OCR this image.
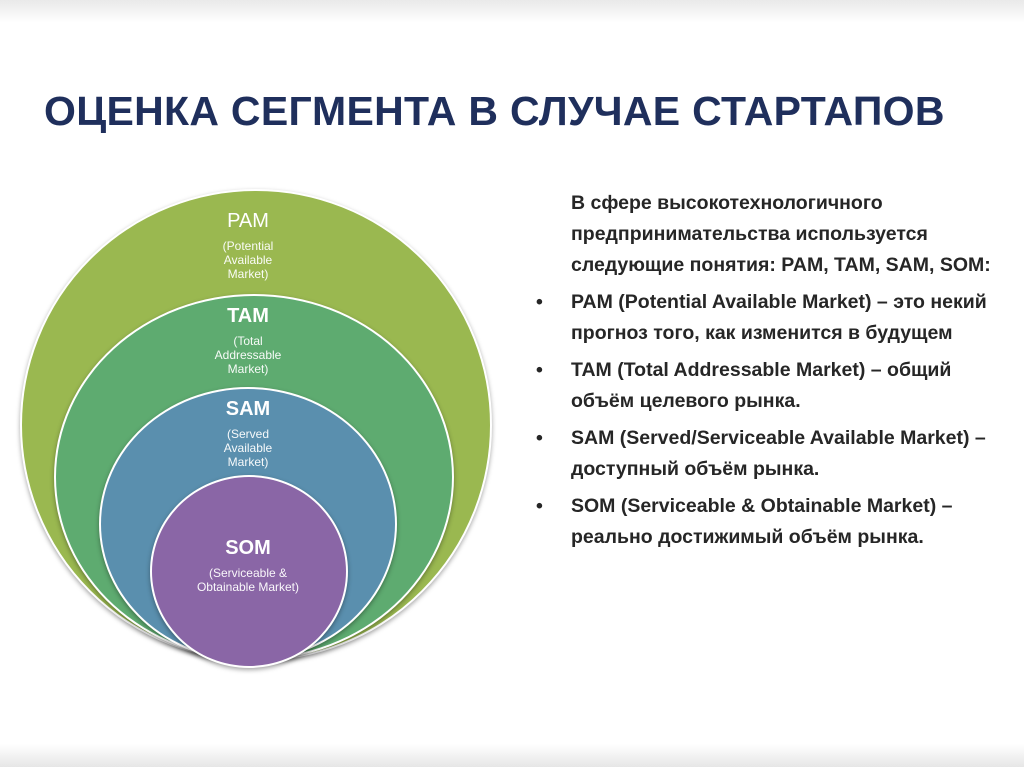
ОЦЕНКА СЕГМЕНТА В СЛУЧАЕ СТАРТАПОВ
PAM
(Potential Available Market)
TAM
(Total Addressable Market)
SAM
(Served Available Market)
SOM
(Serviceable & Obtainable Market)

В сфере высокотехнологичного предпринимательства используется следующие понятия: PAM, TAM, SAM, SOM:

•	PAM (Potential Available Market) – это некий прогноз того, как изменится в будущем
•	TAM (Total Addressable Market) – общий объём целевого рынка.
•	SAM (Served/Serviceable Available Market) – доступный объём рынка.
•	SOM (Serviceable & Obtainable Market) – реально достижимый объём рынка.
